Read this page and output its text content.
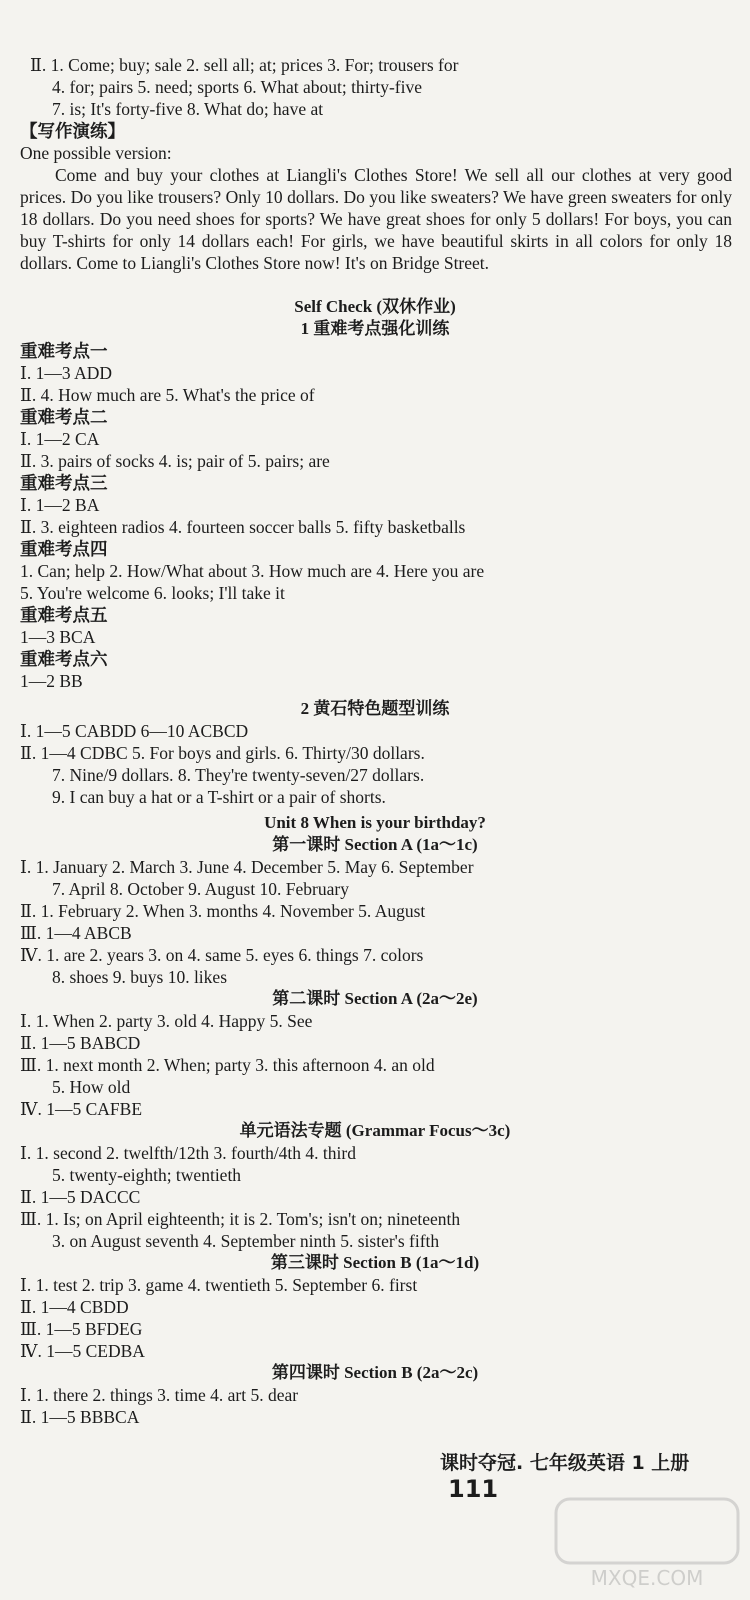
Ⅱ. 1. Come; buy; sale 2. sell all; at; prices 3. For; trousers for
4. for; pairs 5. need; sports 6. What about; thirty-five
7. is; It's forty-five 8. What do; have at
【写作演练】
One possible version:

Come and buy your clothes at Liangli's Clothes Store! We sell all our clothes at very good prices. Do you like trousers? Only 10 dollars. Do you like sweaters? We have green sweaters for only 18 dollars. Do you need shoes for sports? We have great shoes for only 5 dollars! For boys, you can buy T-shirts for only 14 dollars each! For girls, we have beautiful skirts in all colors for only 18 dollars. Come to Liangli's Clothes Store now! It's on Bridge Street.

Self Check (双休作业)
1 重难考点强化训练
重难考点一
Ⅰ. 1—3 ADD
Ⅱ. 4. How much are 5. What's the price of
重难考点二
Ⅰ. 1—2 CA
Ⅱ. 3. pairs of socks 4. is; pair of 5. pairs; are
重难考点三
Ⅰ. 1—2 BA
Ⅱ. 3. eighteen radios 4. fourteen soccer balls 5. fifty basketballs
重难考点四
1. Can; help 2. How/What about 3. How much are 4. Here you are
5. You're welcome 6. looks; I'll take it
重难考点五
1—3 BCA
重难考点六
1—2 BB
2 黄石特色题型训练
Ⅰ. 1—5 CABDD 6—10 ACBCD
Ⅱ. 1—4 CDBC 5. For boys and girls. 6. Thirty/30 dollars.
7. Nine/9 dollars. 8. They're twenty-seven/27 dollars.
9. I can buy a hat or a T-shirt or a pair of shorts.
Unit 8 When is your birthday?
第一课时 Section A (1a～1c)
Ⅰ. 1. January 2. March 3. June 4. December 5. May 6. September
7. April 8. October 9. August 10. February
Ⅱ. 1. February 2. When 3. months 4. November 5. August
Ⅲ. 1—4 ABCB
Ⅳ. 1. are 2. years 3. on 4. same 5. eyes 6. things 7. colors
8. shoes 9. buys 10. likes
第二课时 Section A (2a～2e)
Ⅰ. 1. When 2. party 3. old 4. Happy 5. See
Ⅱ. 1—5 BABCD
Ⅲ. 1. next month 2. When; party 3. this afternoon 4. an old
5. How old
Ⅳ. 1—5 CAFBE
单元语法专题 (Grammar Focus～3c)
Ⅰ. 1. second 2. twelfth/12th 3. fourth/4th 4. third
5. twenty-eighth; twentieth
Ⅱ. 1—5 DACCC
Ⅲ. 1. Is; on April eighteenth; it is 2. Tom's; isn't on; nineteenth
3. on August seventh 4. September ninth 5. sister's fifth
第三课时 Section B (1a～1d)
Ⅰ. 1. test 2. trip 3. game 4. twentieth 5. September 6. first
Ⅱ. 1—4 CBDD
Ⅲ. 1—5 BFDEG
Ⅳ. 1—5 CEDBA
第四课时 Section B (2a～2c)
Ⅰ. 1. there 2. things 3. time 4. art 5. dear
Ⅱ. 1—5 BBBCA
课时夺冠. 七年级英语 1 上册 111
MXQE.COM
